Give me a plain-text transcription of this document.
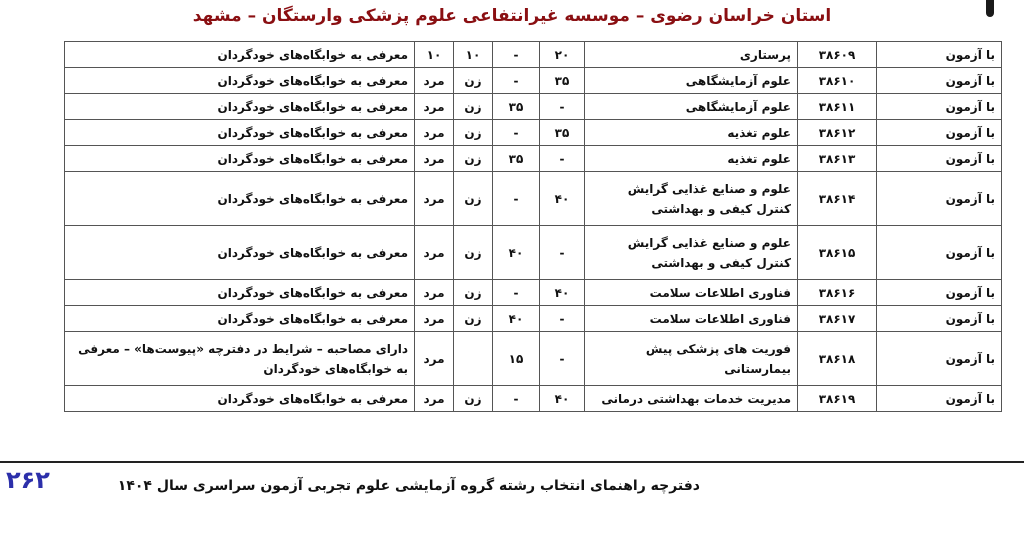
استان خراسان رضوی – موسسه غیرانتفاعی علوم پزشکی وارستگان – مشهد
با آزمون	۳۸۶۰۹	پرستاری	۲۰	-	۱۰	۱۰	معرفی به خوابگاه‌های خودگردان
با آزمون	۳۸۶۱۰	علوم آزمایشگاهی	۳۵	-	زن	مرد	معرفی به خوابگاه‌های خودگردان
با آزمون	۳۸۶۱۱	علوم آزمایشگاهی	-	۳۵	زن	مرد	معرفی به خوابگاه‌های خودگردان
با آزمون	۳۸۶۱۲	علوم تغذیه	۳۵	-	زن	مرد	معرفی به خوابگاه‌های خودگردان
با آزمون	۳۸۶۱۳	علوم تغذیه	-	۳۵	زن	مرد	معرفی به خوابگاه‌های خودگردان
با آزمون	۳۸۶۱۴	علوم و صنایع غذایی گرایش کنترل کیفی و بهداشتی	۴۰	-	زن	مرد	معرفی به خوابگاه‌های خودگردان
با آزمون	۳۸۶۱۵	علوم و صنایع غذایی گرایش کنترل کیفی و بهداشتی	-	۴۰	زن	مرد	معرفی به خوابگاه‌های خودگردان
با آزمون	۳۸۶۱۶	فناوری اطلاعات سلامت	۴۰	-	زن	مرد	معرفی به خوابگاه‌های خودگردان
با آزمون	۳۸۶۱۷	فناوری اطلاعات سلامت	-	۴۰	زن	مرد	معرفی به خوابگاه‌های خودگردان
با آزمون	۳۸۶۱۸	فوریت های پزشکی پیش بیمارستانی	-	۱۵		مرد	دارای مصاحبه – شرایط در دفترچه «پیوست‌ها» – معرفی به خوابگاه‌های خودگردان
با آزمون	۳۸۶۱۹	مدیریت خدمات بهداشتی درمانی	۴۰	-	زن	مرد	معرفی به خوابگاه‌های خودگردان
۲۶۲	دفترچه راهنمای انتخاب رشته گروه آزمایشی علوم تجربی آزمون سراسری سال ۱۴۰۴
